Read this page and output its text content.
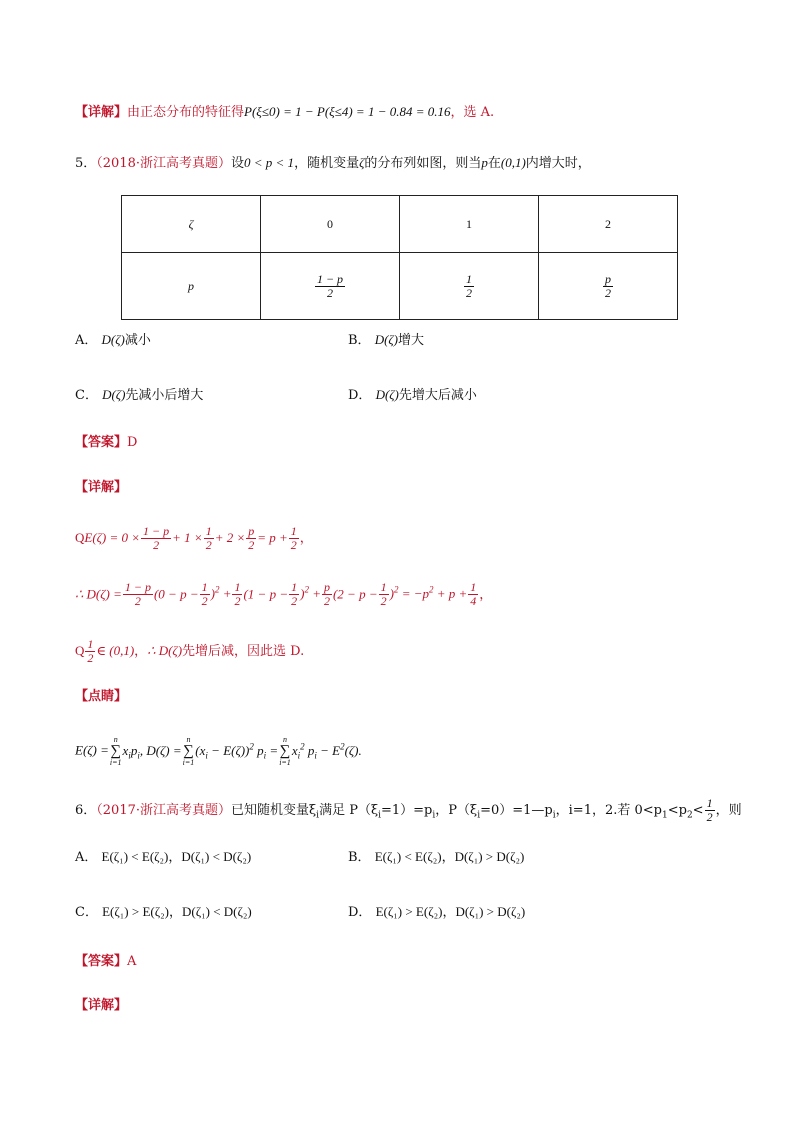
【详解】由正态分布的特征得P(ξ≤0) = 1 − P(ξ≤4) = 1 − 0.84 = 0.16，选 A.
5．（2018·浙江高考真题）设0 < p < 1，随机变量ζ的分布列如图，则当p在(0,1)内增大时，
ζ	0	1	2
p	$\frac{1 - p}{2}$	$\frac{1}{2}$	$\frac{p}{2}$
A． D(ζ)减小	B． D(ζ)增大
C． D(ζ)先减小后增大	D． D(ζ)先增大后减小
【答案】D
【详解】
$QE(\zeta) = 0 \times \frac{1 - p}{2} + 1 \times \frac{1}{2} + 2 \times \frac{p}{2} = p + \frac{1}{2}$ ，
∴ $D(\zeta) = \frac{1 - p}{2} (0 - p - \frac{1}{2} )^2 + \frac{1}{2} (1 - p - \frac{1}{2} )^2 + \frac{p}{2} (2 - p - \frac{1}{2} )^2 = -p^2 + p + \frac{1}{4}$ ，
Q $\frac{1}{2}$ ∈ (0,1)，∴ D(ζ)先增后减，因此选 D.
【点睛】
E(ζ) =
n
∑
i=1
$x_ip_i$, D(ζ) =
n
∑
i=1
$(x_i - E(\zeta))^2$ $p_i$ =
n
∑
i=1
$x_i^2$ $p_i - E^2(\zeta)$.
6．（2017·浙江高考真题）已知随机变量$\xi_i$满足 $P(\xi_i=1)=p_i$，$P(\xi_i=0)=1—p_i$，i=1，2.若 $0<p_1<p_2< \frac{1}{2}$ ，则
A． E(ζ₁) < E(ζ₂)，D(ζ₁) < D(ζ₂)	B． E(ζ₁) < E(ζ₂)，D(ζ₁) > D(ζ₂)
C． E(ζ₁) > E(ζ₂)，D(ζ₁) < D(ζ₂)	D． E(ζ₁) > E(ζ₂)，D(ζ₁) > D(ζ₂)
【答案】A
【详解】
